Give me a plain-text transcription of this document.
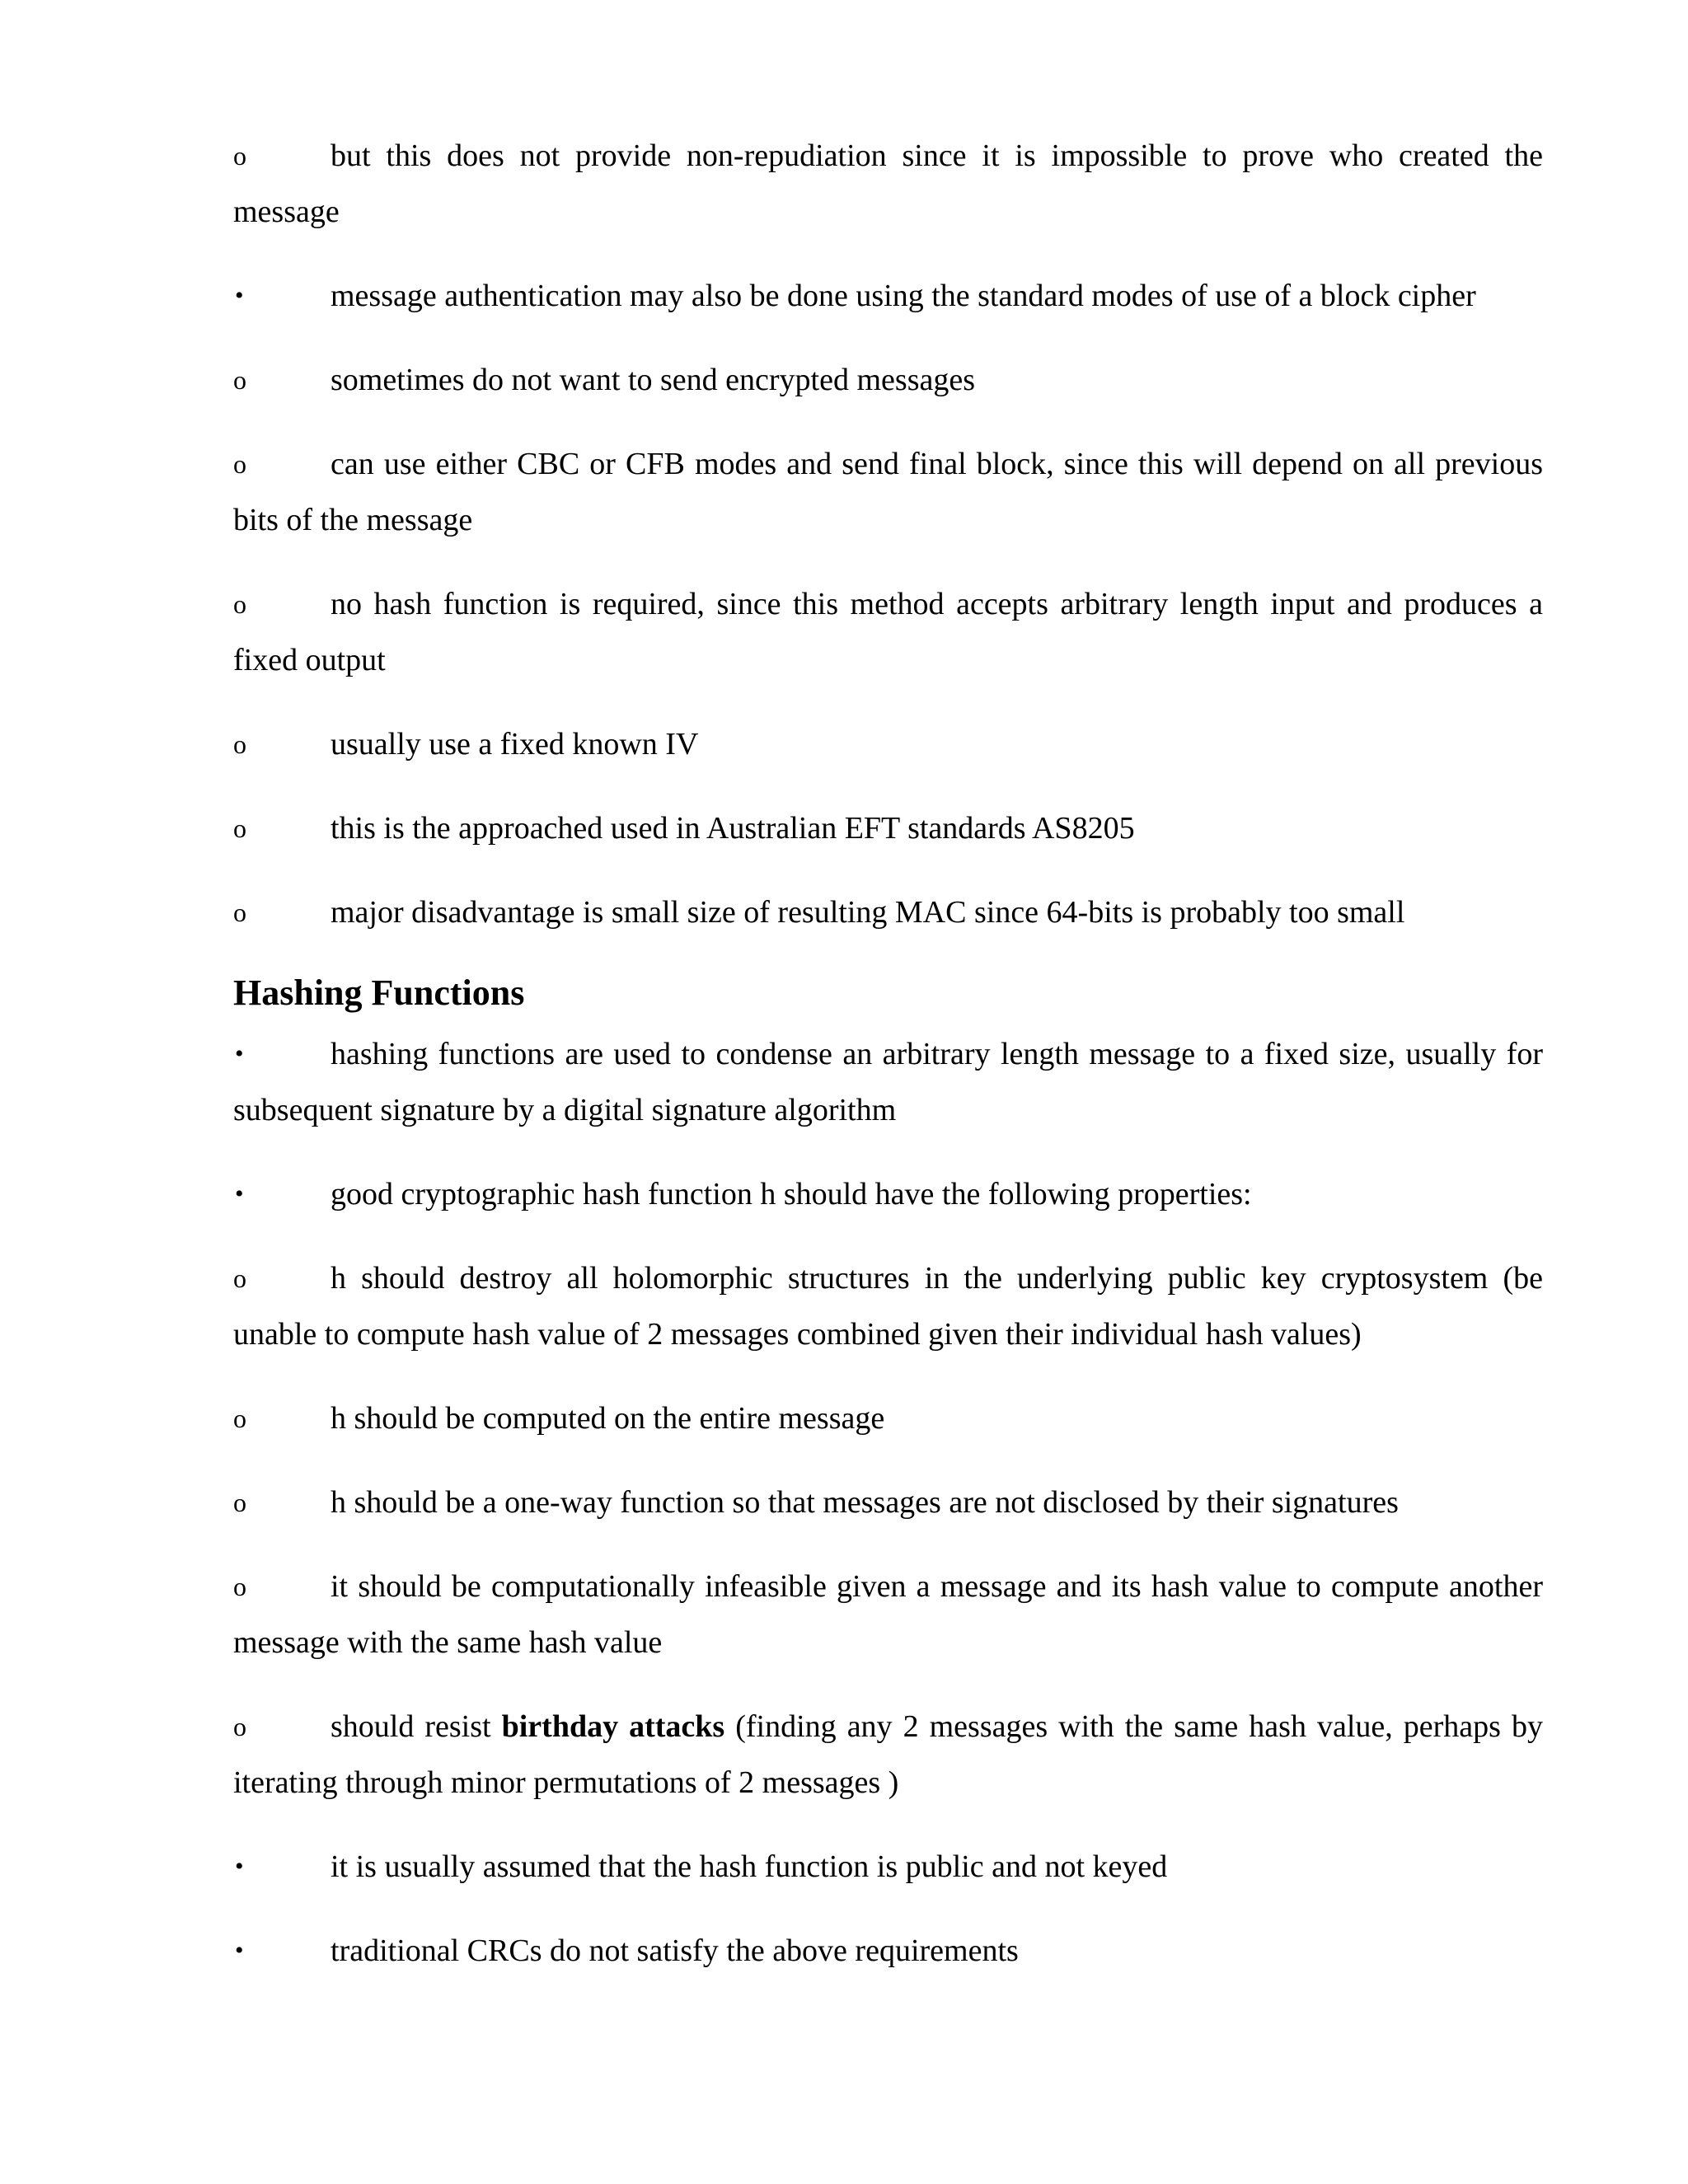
o	but this does not provide non-repudiation since it is impossible to prove who created the message
•	message authentication may also be done using the standard modes of use of a block cipher
o	sometimes do not want to send encrypted messages
o	can use either CBC or CFB modes and send final block, since this will depend on all previous bits of the message
o	no hash function is required, since this method accepts arbitrary length input and produces a fixed output
o	usually use a fixed known IV
o	this is the approached used in Australian EFT standards AS8205
o	major disadvantage is small size of resulting MAC since 64-bits is probably too small
Hashing Functions
•	hashing functions are used to condense an arbitrary length message to a fixed size, usually for subsequent signature by a digital signature algorithm
•	good cryptographic hash function h should have the following properties:
o	h should destroy all holomorphic structures in the underlying public key cryptosystem (be unable to compute hash value of 2 messages combined given their individual hash values)
o	h should be computed on the entire message
o	h should be a one-way function so that messages are not disclosed by their signatures
o	it should be computationally infeasible given a message and its hash value to compute another message with the same hash value
o	should resist birthday attacks (finding any 2 messages with the same hash value, perhaps by iterating through minor permutations of 2 messages )
•	it is usually assumed that the hash function is public and not keyed
•	traditional CRCs do not satisfy the above requirements
